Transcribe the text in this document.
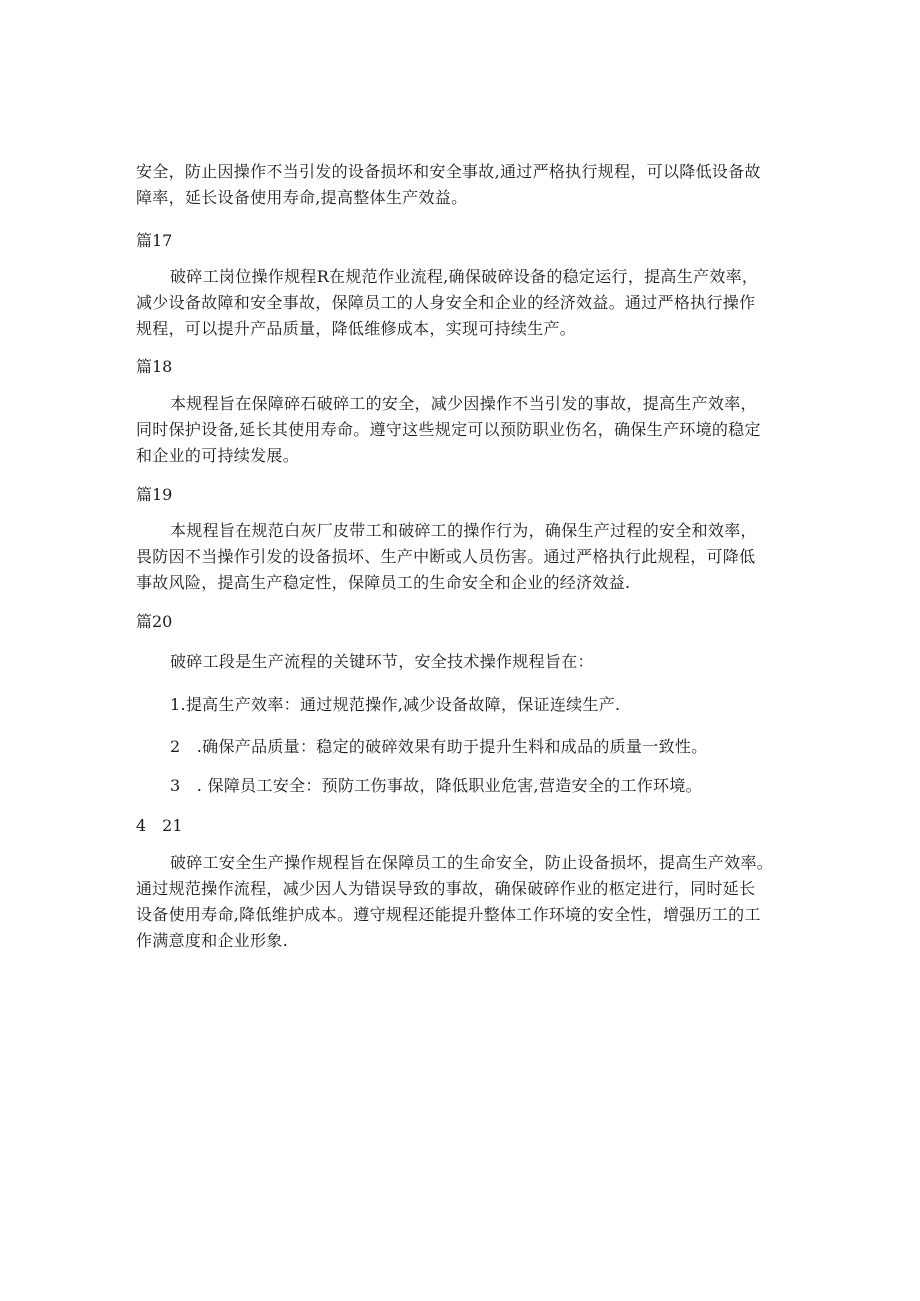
安全，防止因操作不当引发的设备损坏和安全事故,通过严格执行规程，可以降低设备故
障率，延长设备使用寿命,提高整体生产效益。

篇17

破碎工岗位操作规程R在规范作业流程,确保破碎设备的稳定运行，提高生产效率，
减少设备故障和安全事故，保障员工的人身安全和企业的经济效益。通过严格执行操作
规程，可以提升产品质量，降低维修成本，实现可持续生产。

篇18

本规程旨在保障碎石破碎工的安全，减少因操作不当引发的事故，提高生产效率，
同时保护设备,延长其使用寿命。遵守这些规定可以预防职业伤名，确保生产环境的稳定
和企业的可持续发展。

篇19

本规程旨在规范白灰厂皮带工和破碎工的操作行为，确保生产过程的安全和效率，
畏防因不当操作引发的设备损坏、生产中断或人员伤害。通过严格执行此规程，可降低
事故风险，提高生产稳定性，保障员工的生命安全和企业的经济效益.

篇20

破碎工段是生产流程的关键环节，安全技术操作规程旨在：

1.提高生产效率：通过规范操作,减少设备故障，保证连续生产.

2　.确保产品质量：稳定的破碎效果有助于提升生料和成品的质量一致性。

3　. 保障员工安全：预防工伤事故，降低职业危害,营造安全的工作环境。

4　21

破碎工安全生产操作规程旨在保障员工的生命安全，防止设备损坏，提高生产效率。
通过规范操作流程，减少因人为错误导致的事故，确保破碎作业的柩定进行，同时延长
设备使用寿命,降低维护成本。遵守规程还能提升整体工作环境的安全性，增强历工的工
作满意度和企业形象.
